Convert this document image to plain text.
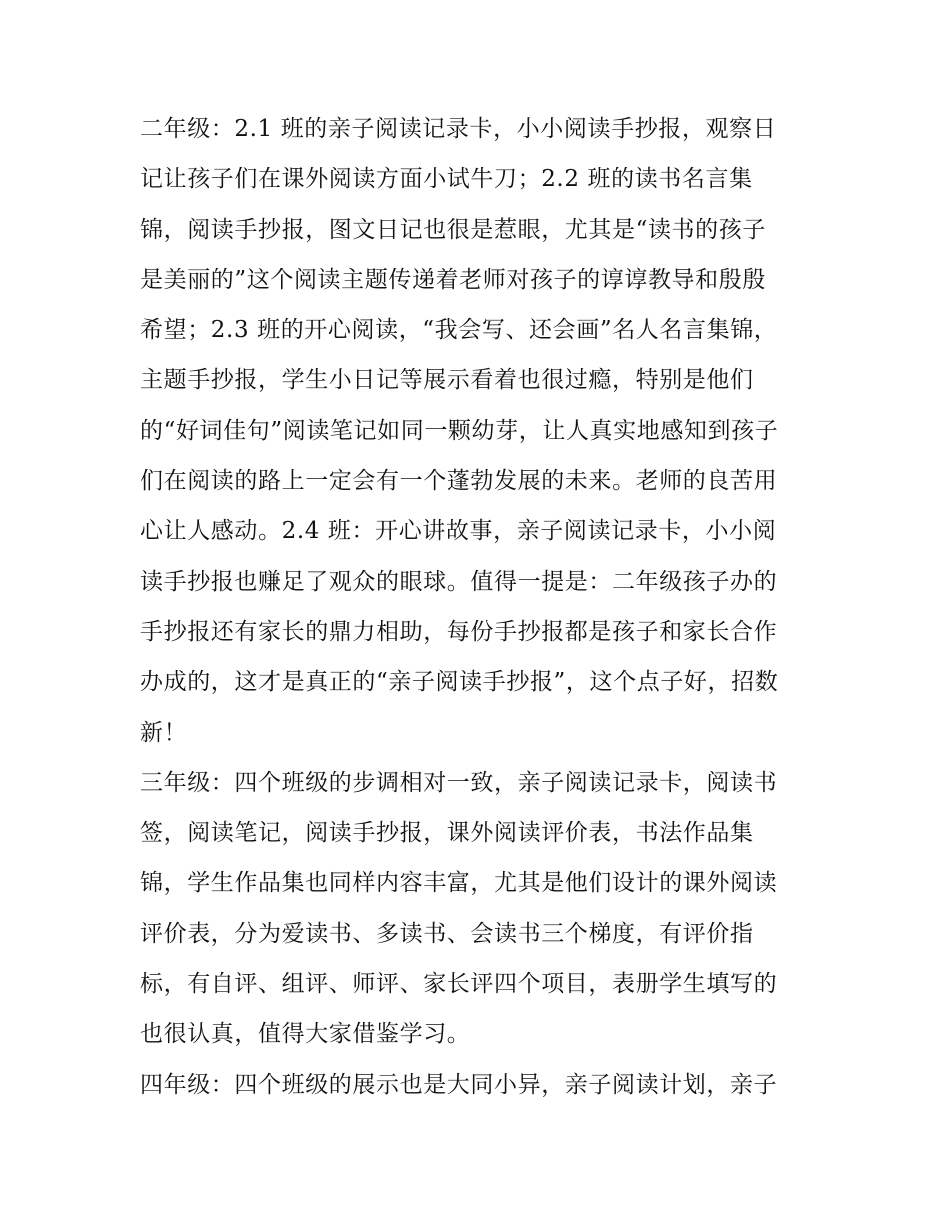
二年级：2.1 班的亲子阅读记录卡，小小阅读手抄报，观察日
记让孩子们在课外阅读方面小试牛刀；2.2 班的读书名言集
锦，阅读手抄报，图文日记也很是惹眼，尤其是“读书的孩子
是美丽的”这个阅读主题传递着老师对孩子的谆谆教导和殷殷
希望；2.3 班的开心阅读，“我会写、还会画”名人名言集锦，
主题手抄报，学生小日记等展示看着也很过瘾，特别是他们
的“好词佳句”阅读笔记如同一颗幼芽，让人真实地感知到孩子
们在阅读的路上一定会有一个蓬勃发展的未来。老师的良苦用
心让人感动。2.4 班：开心讲故事，亲子阅读记录卡，小小阅
读手抄报也赚足了观众的眼球。值得一提是：二年级孩子办的
手抄报还有家长的鼎力相助，每份手抄报都是孩子和家长合作
办成的，这才是真正的“亲子阅读手抄报”，这个点子好，招数
新！
三年级：四个班级的步调相对一致，亲子阅读记录卡，阅读书
签，阅读笔记，阅读手抄报，课外阅读评价表，书法作品集
锦，学生作品集也同样内容丰富，尤其是他们设计的课外阅读
评价表，分为爱读书、多读书、会读书三个梯度，有评价指
标，有自评、组评、师评、家长评四个项目，表册学生填写的
也很认真，值得大家借鉴学习。
四年级：四个班级的展示也是大同小异，亲子阅读计划，亲子
